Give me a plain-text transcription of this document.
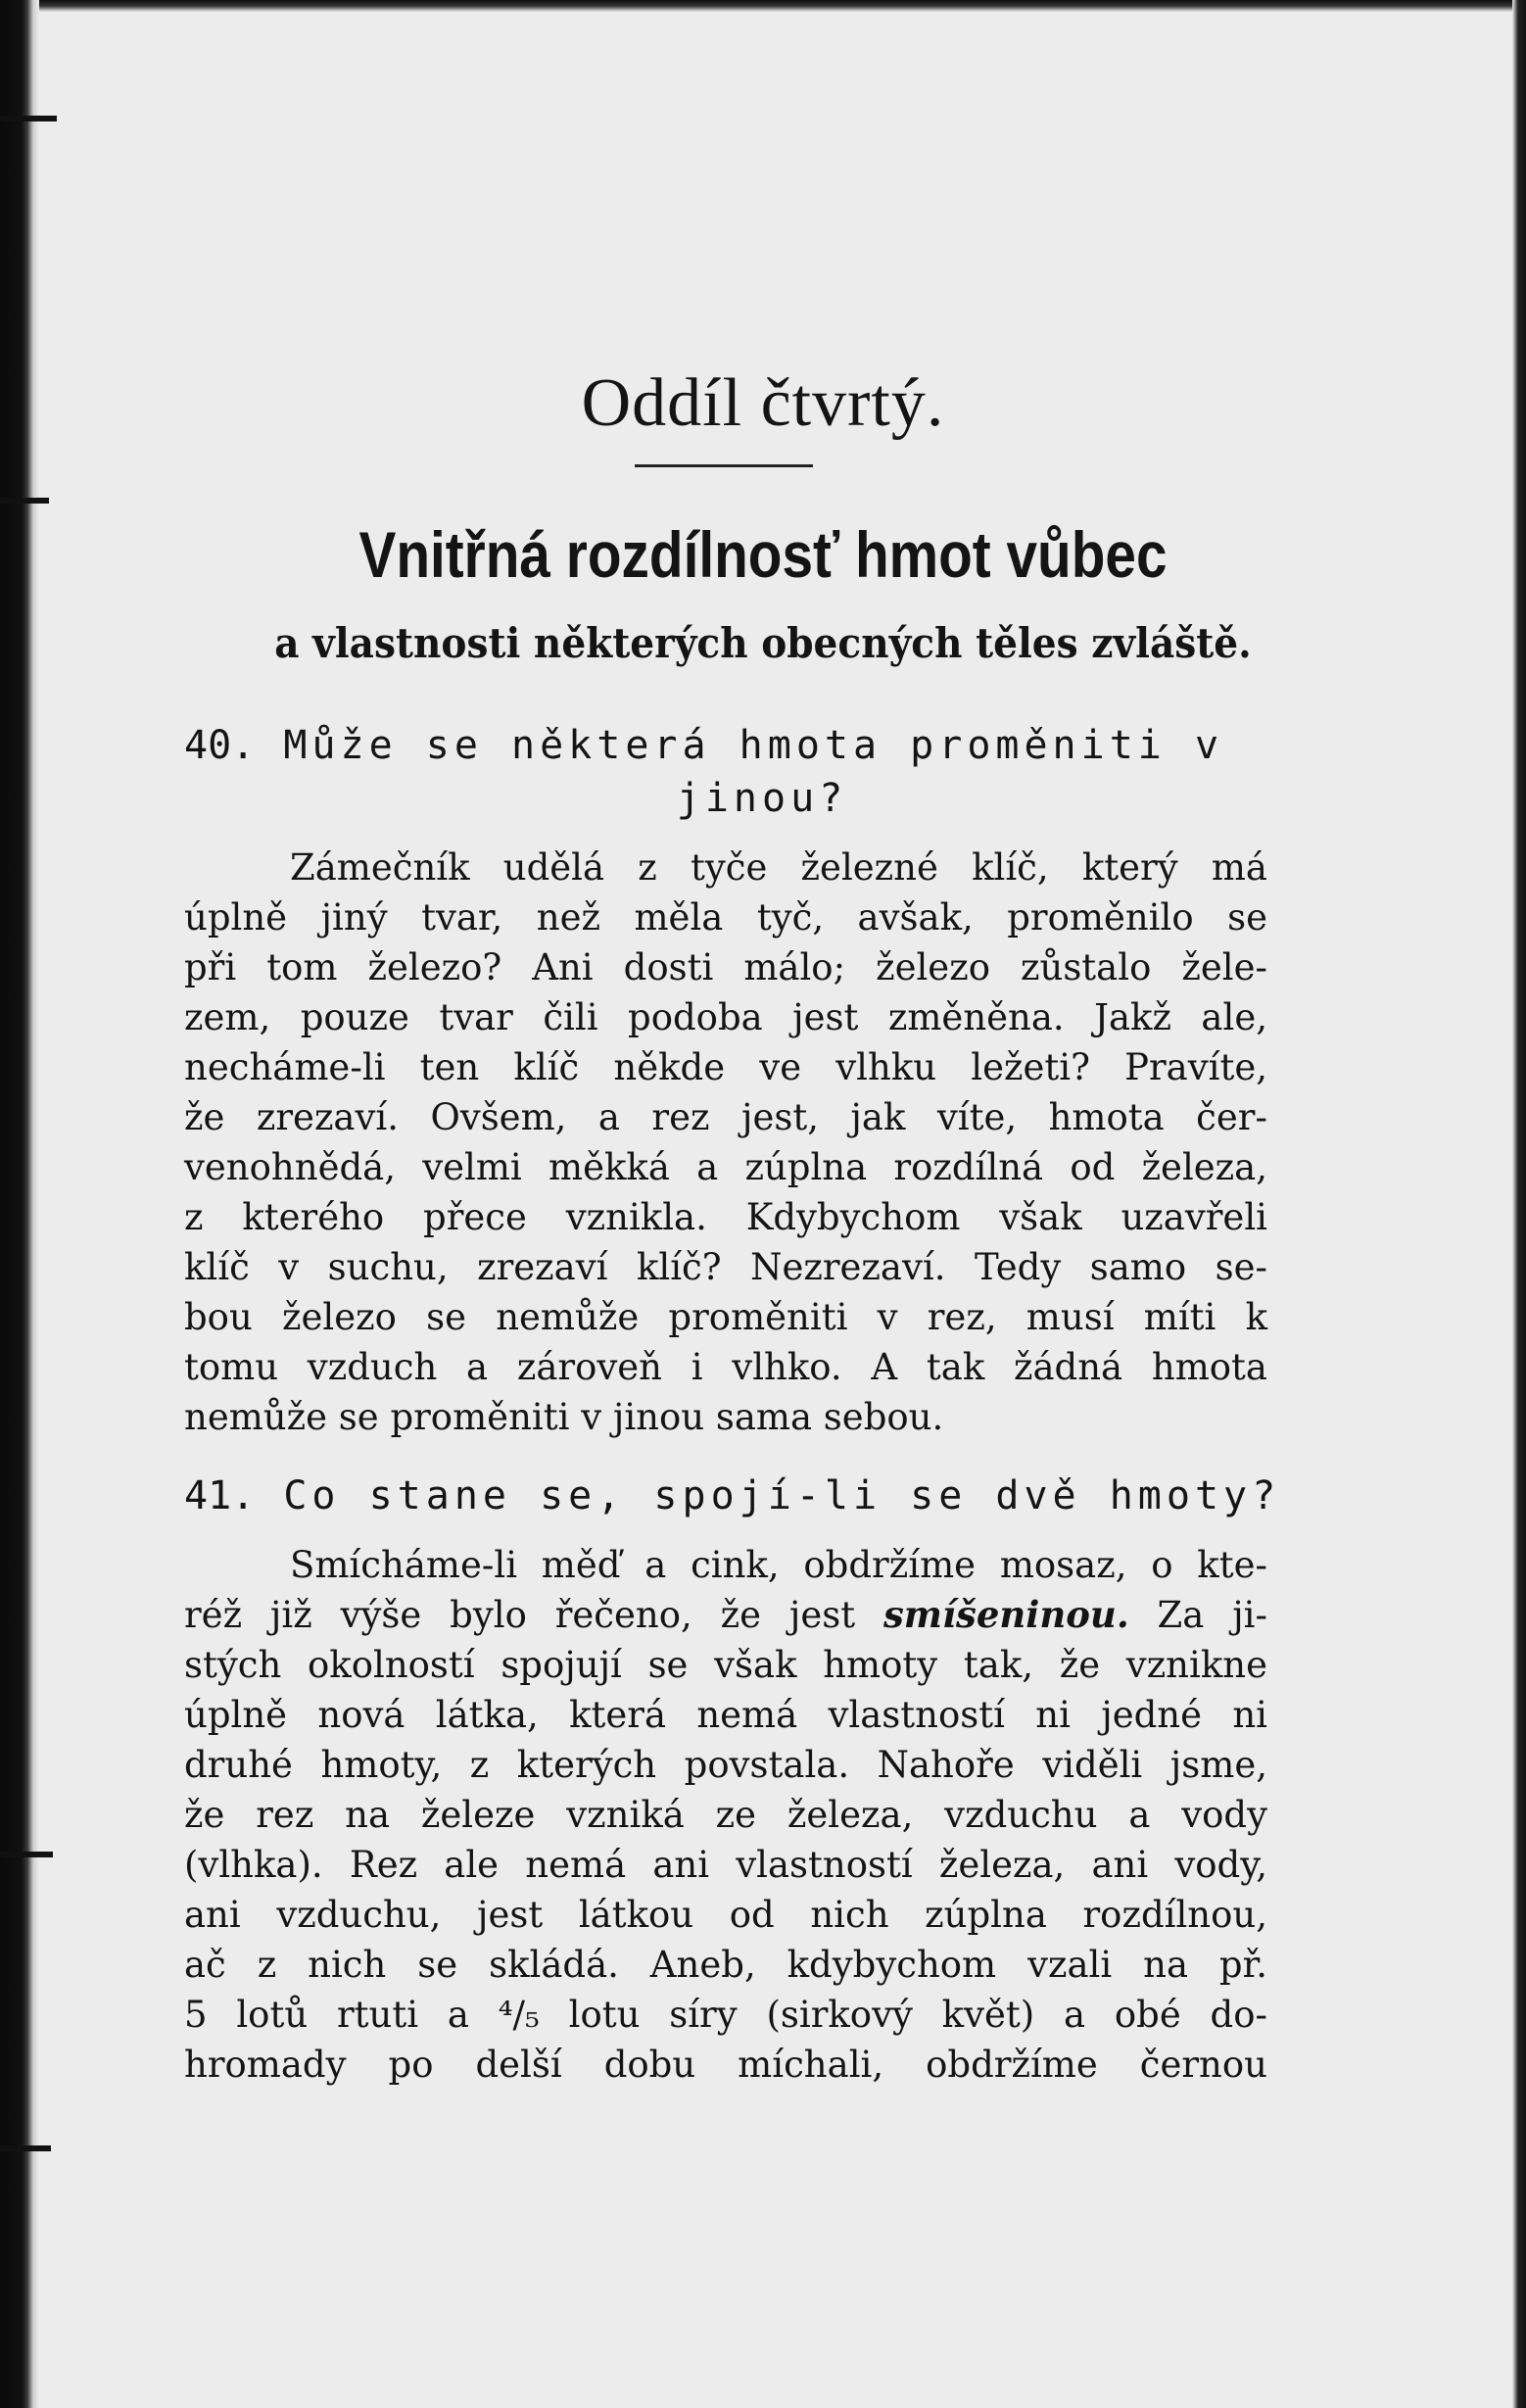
Oddíl čtvrtý.
Vnitřná rozdílnosť hmot vůbec
a vlastnosti některých obecných těles zvláště.
40. Může se některá hmota proměniti v
jinou?
Zámečník udělá z tyče železné klíč, který má
úplně jiný tvar, než měla tyč, avšak, proměnilo se
při tom železo? Ani dosti málo; železo zůstalo žele-
zem, pouze tvar čili podoba jest změněna. Jakž ale,
necháme-li ten klíč někde ve vlhku ležeti? Pravíte,
že zrezaví. Ovšem, a rez jest, jak víte, hmota čer-
venohnědá, velmi měkká a zúplna rozdílná od železa,
z kterého přece vznikla. Kdybychom však uzavřeli
klíč v suchu, zrezaví klíč? Nezrezaví. Tedy samo se-
bou železo se nemůže proměniti v rez, musí míti k
tomu vzduch a zároveň i vlhko. A tak žádná hmota
nemůže se proměniti v jinou sama sebou.
41. Co stane se, spojí-li se dvě hmoty?
Smícháme-li měď a cink, obdržíme mosaz, o kte-
réž již výše bylo řečeno, že jest smíšeninou. Za ji-
stých okolností spojují se však hmoty tak, že vznikne
úplně nová látka, která nemá vlastností ni jedné ni
druhé hmoty, z kterých povstala. Nahoře viděli jsme,
že rez na železe vzniká ze železa, vzduchu a vody
(vlhka). Rez ale nemá ani vlastností železa, ani vody,
ani vzduchu, jest látkou od nich zúplna rozdílnou,
ač z nich se skládá. Aneb, kdybychom vzali na př.
5 lotů rtuti a ⁴/₅ lotu síry (sirkový květ) a obé do-
hromady po delší dobu míchali, obdržíme černou
